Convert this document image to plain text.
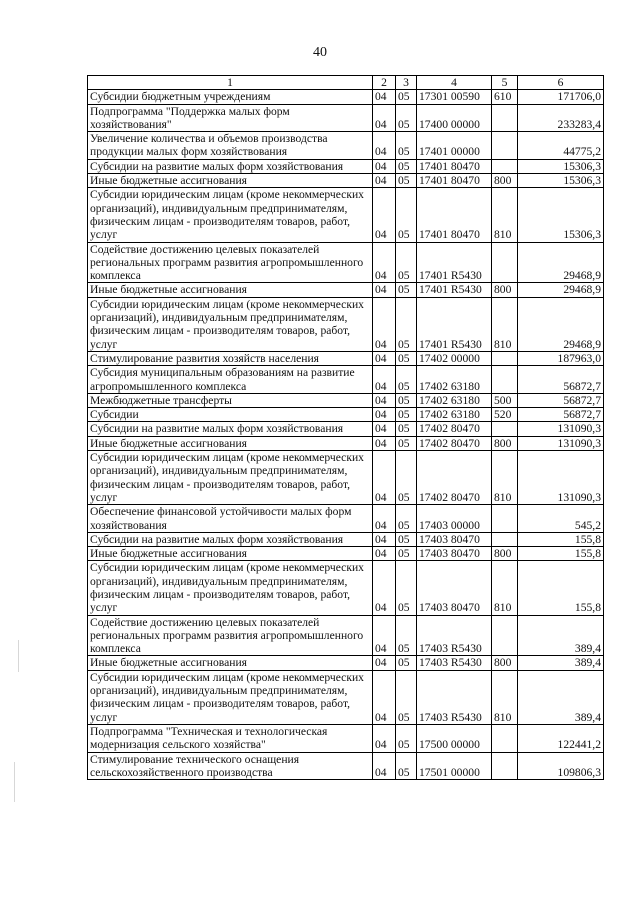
40
1	2	3	4	5	6
Субсидии бюджетным учреждениям	04	05	17301 00590	610	171706,0
Подпрограмма "Поддержка малых форм хозяйствования"	04	05	17400 00000		233283,4
Увеличение количества и объемов производства продукции малых форм хозяйствования	04	05	17401 00000		44775,2
Субсидии на развитие малых форм хозяйствования	04	05	17401 80470		15306,3
Иные бюджетные ассигнования	04	05	17401 80470	800	15306,3
Субсидии юридическим лицам (кроме некоммерческих организаций), индивидуальным предпринимателям, физическим лицам - производителям товаров, работ, услуг	04	05	17401 80470	810	15306,3
Содействие достижению целевых показателей региональных программ развития агропромышленного комплекса	04	05	17401 R5430		29468,9
Иные бюджетные ассигнования	04	05	17401 R5430	800	29468,9
Субсидии юридическим лицам (кроме некоммерческих организаций), индивидуальным предпринимателям, физическим лицам - производителям товаров, работ, услуг	04	05	17401 R5430	810	29468,9
Стимулирование развития хозяйств населения	04	05	17402 00000		187963,0
Субсидия муниципальным образованиям на развитие агропромышленного комплекса	04	05	17402 63180		56872,7
Межбюджетные трансферты	04	05	17402 63180	500	56872,7
Субсидии	04	05	17402 63180	520	56872,7
Субсидии на развитие малых форм хозяйствования	04	05	17402 80470		131090,3
Иные бюджетные ассигнования	04	05	17402 80470	800	131090,3
Субсидии юридическим лицам (кроме некоммерческих организаций), индивидуальным предпринимателям, физическим лицам - производителям товаров, работ, услуг	04	05	17402 80470	810	131090,3
Обеспечение финансовой устойчивости малых форм хозяйствования	04	05	17403 00000		545,2
Субсидии на развитие малых форм хозяйствования	04	05	17403 80470		155,8
Иные бюджетные ассигнования	04	05	17403 80470	800	155,8
Субсидии юридическим лицам (кроме некоммерческих организаций), индивидуальным предпринимателям, физическим лицам - производителям товаров, работ, услуг	04	05	17403 80470	810	155,8
Содействие достижению целевых показателей региональных программ развития агропромышленного комплекса	04	05	17403 R5430		389,4
Иные бюджетные ассигнования	04	05	17403 R5430	800	389,4
Субсидии юридическим лицам (кроме некоммерческих организаций), индивидуальным предпринимателям, физическим лицам - производителям товаров, работ, услуг	04	05	17403 R5430	810	389,4
Подпрограмма "Техническая и технологическая модернизация сельского хозяйства"	04	05	17500 00000		122441,2
Стимулирование технического оснащения сельскохозяйственного производства	04	05	17501 00000		109806,3
